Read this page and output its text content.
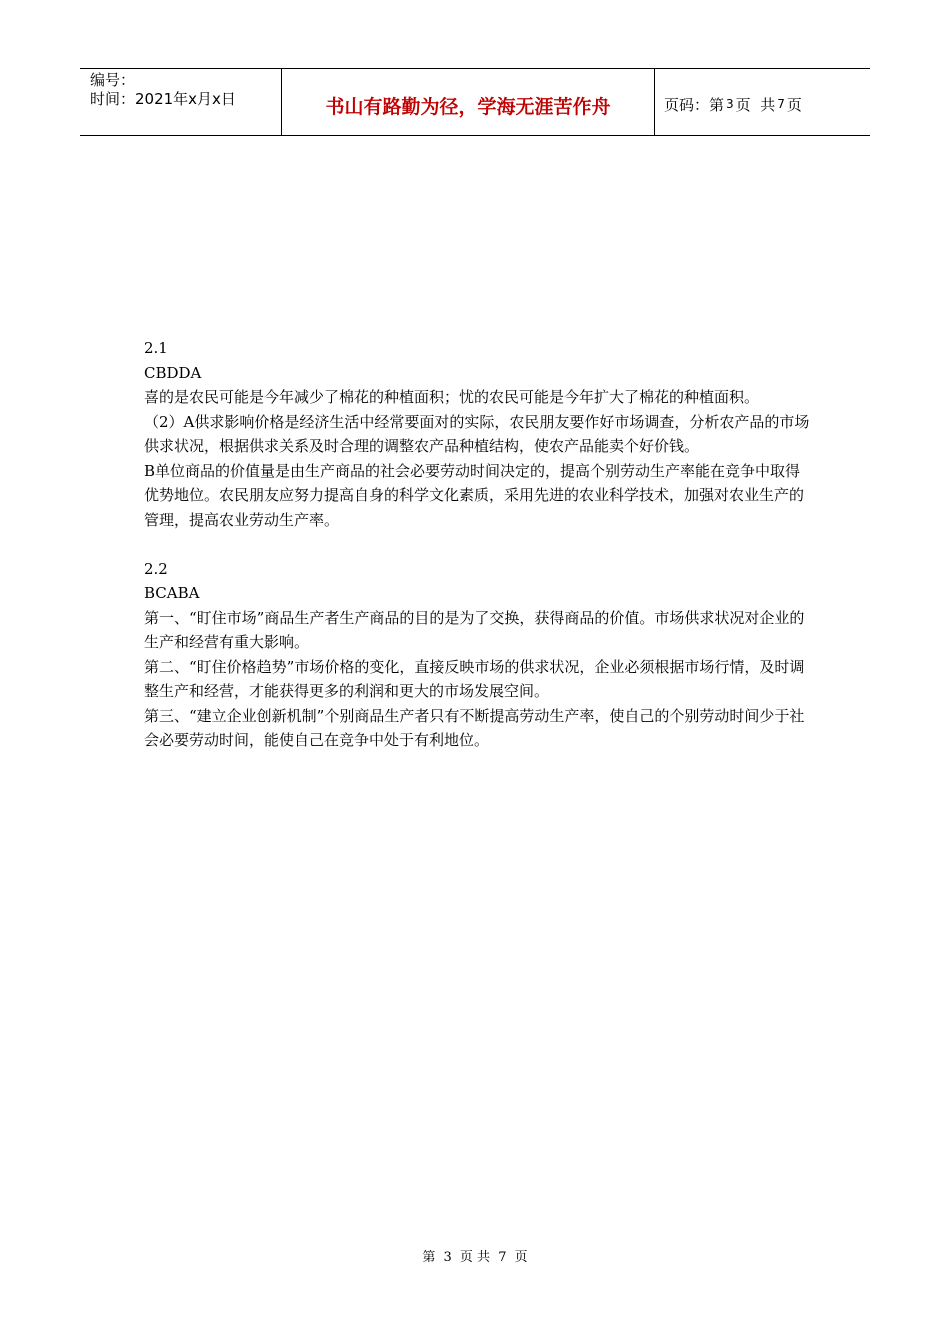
编号：
时间：2021年x月x日	书山有路勤为径，学海无涯苦作舟	页码：第 3 页  共 7 页

2.1

CBDDA

喜的是农民可能是今年减少了棉花的种植面积；忧的农民可能是今年扩大了棉花的种植面积。

（2）A供求影响价格是经济生活中经常要面对的实际，农民朋友要作好市场调查，分析农产品的市场供求状况，根据供求关系及时合理的调整农产品种植结构，使农产品能卖个好价钱。

B单位商品的价值量是由生产商品的社会必要劳动时间决定的，提高个别劳动生产率能在竞争中取得优势地位。农民朋友应努力提高自身的科学文化素质，采用先进的农业科学技术，加强对农业生产的管理，提高农业劳动生产率。

2.2

BCABA

第一、“盯住市场”商品生产者生产商品的目的是为了交换，获得商品的价值。市场供求状况对企业的生产和经营有重大影响。

第二、“盯住价格趋势”市场价格的变化，直接反映市场的供求状况，企业必须根据市场行情，及时调整生产和经营，才能获得更多的利润和更大的市场发展空间。

第三、“建立企业创新机制”个别商品生产者只有不断提高劳动生产率，使自己的个别劳动时间少于社会必要劳动时间，能使自己在竞争中处于有利地位。

第 3 页 共 7 页
